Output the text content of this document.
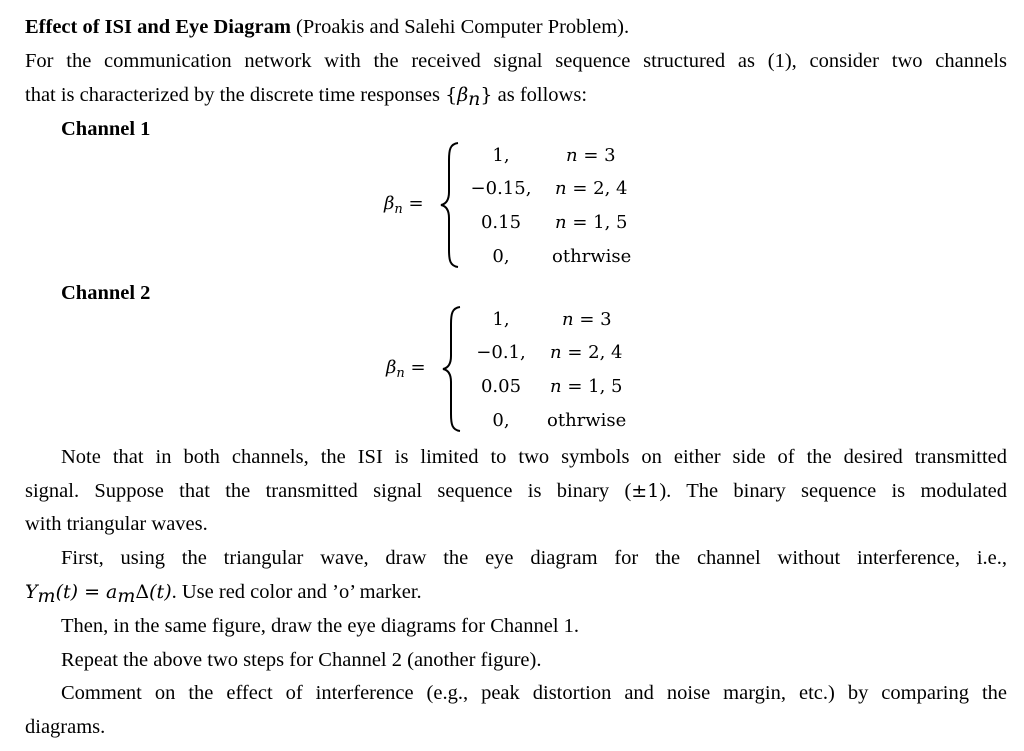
Effect of ISI and Eye Diagram (Proakis and Salehi Computer Problem).
For the communication network with the received signal sequence structured as (1), consider two channels
that is characterized by the discrete time responses $\{\beta_n\}$ as follows:
Channel 1
$\beta_n$ =
1,	n = 3
−0.15, n = 2, 4
0.15	n = 1, 5
0,	othrwise
Channel 2
$\beta_n$ =
1,	n = 3
−0.1,	n = 2, 4
0.05	n = 1, 5
0,	othrwise
Note that in both channels, the ISI is limited to two symbols on either side of the desired transmitted
signal. Suppose that the transmitted signal sequence is binary (±1). The binary sequence is modulated
with triangular waves.
First, using the triangular wave, draw the eye diagram for the channel without interference, i.e.,
$Y_m(t) = a_m\Delta(t)$. Use red color and ’o’ marker.
Then, in the same figure, draw the eye diagrams for Channel 1.
Repeat the above two steps for Channel 2 (another figure).
Comment on the effect of interference (e.g., peak distortion and noise margin, etc.) by comparing the
diagrams.
